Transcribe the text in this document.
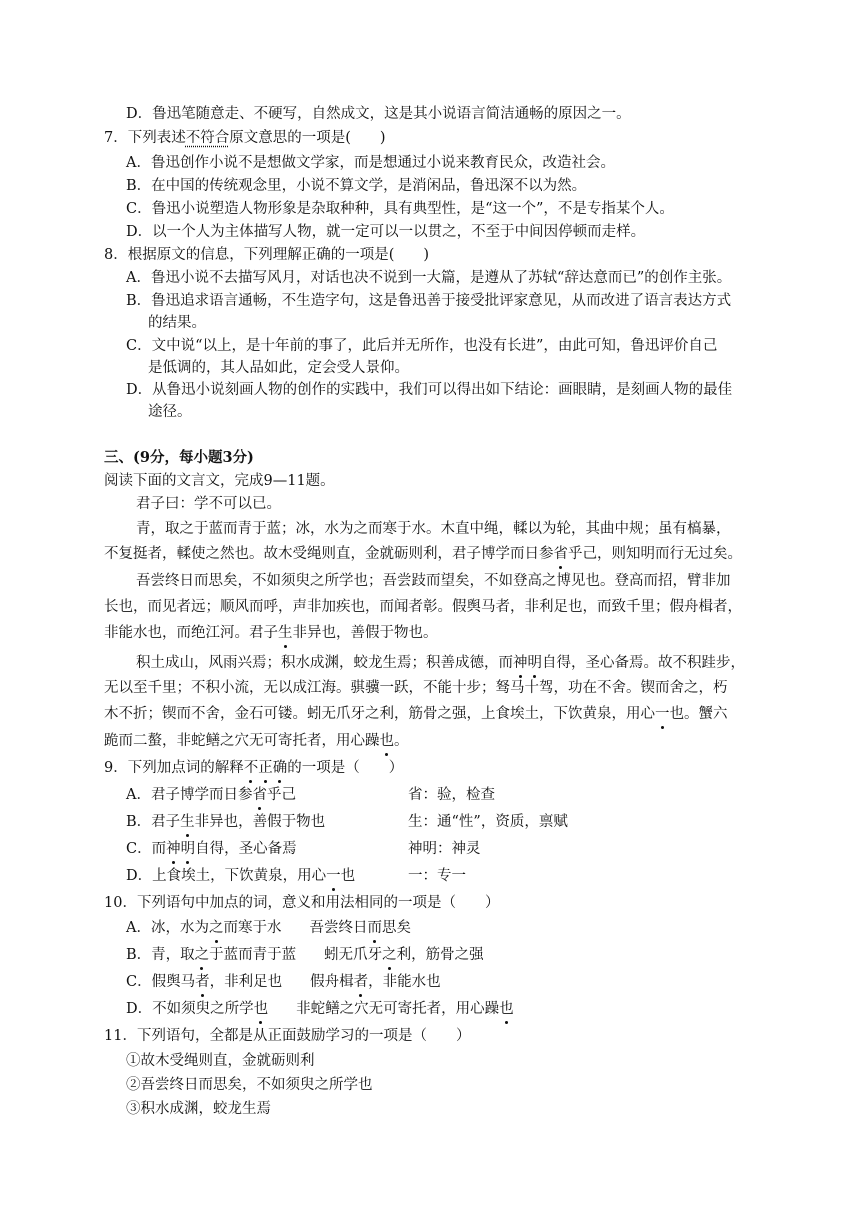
D．鲁迅笔随意走、不硬写，自然成文，这是其小说语言简洁通畅的原因之一。
7．下列表述不符合原文意思的一项是(　　)
A．鲁迅创作小说不是想做文学家，而是想通过小说来教育民众，改造社会。
B．在中国的传统观念里，小说不算文学，是消闲品，鲁迅深不以为然。
C．鲁迅小说塑造人物形象是杂取种种，具有典型性，是“这一个”，不是专指某个人。
D．以一个人为主体描写人物，就一定可以一以贯之，不至于中间因停顿而走样。
8．根据原文的信息，下列理解正确的一项是(　　)
A．鲁迅小说不去描写风月，对话也决不说到一大篇，是遵从了苏轼“辞达意而已”的创作主张。
B．鲁迅追求语言通畅，不生造字句，这是鲁迅善于接受批评家意见，从而改进了语言表达方式
的结果。
C．文中说“以上，是十年前的事了，此后并无所作，也没有长进”，由此可知，鲁迅评价自己
是低调的，其人品如此，定会受人景仰。
D．从鲁迅小说刻画人物的创作的实践中，我们可以得出如下结论：画眼睛，是刻画人物的最佳
途径。
三、(9分，每小题3分)
阅读下面的文言文，完成9—11题。
君子曰：学不可以已。
青，取之于蓝而青于蓝；冰，水为之而寒于水。木直中绳，輮以为轮，其曲中规；虽有槁暴，
不复挺者，輮使之然也。故木受绳则直，金就砺则利，君子博学而日参省乎己，则知明而行无过矣。
吾尝终日而思矣，不如须臾之所学也；吾尝跂而望矣，不如登高之博见也。登高而招，臂非加
长也，而见者远；顺风而呼，声非加疾也，而闻者彰。假舆马者，非利足也，而致千里；假舟楫者，
非能水也，而绝江河。君子生非异也，善假于物也。
积土成山，风雨兴焉；积水成渊，蛟龙生焉；积善成德，而神明自得，圣心备焉。故不积跬步，
无以至千里；不积小流，无以成江海。骐骥一跃，不能十步；驽马十驾，功在不舍。锲而舍之，朽
木不折；锲而不舍，金石可镂。蚓无爪牙之利，筋骨之强，上食埃土，下饮黄泉，用心一也。蟹六
跪而二螯，非蛇鳝之穴无可寄托者，用心躁也。
9．下列加点词的解释不正确的一项是（　　）
A．君子博学而日参省乎己	省：验，检查
B．君子生非异也，善假于物也	生：通“性”，资质，禀赋
C．而神明自得，圣心备焉	神明：神灵
D．上食埃土，下饮黄泉，用心一也	一：专一
10．下列语句中加点的词，意义和用法相同的一项是（　　）
A．冰，水为之而寒于水 吾尝终日而思矣
B．青，取之于蓝而青于蓝 蚓无爪牙之利，筋骨之强
C．假舆马者，非利足也 假舟楫者，非能水也
D．不如须臾之所学也 非蛇鳝之穴无可寄托者，用心躁也
11．下列语句，全都是从正面鼓励学习的一项是（　　）
①故木受绳则直，金就砺则利
②吾尝终日而思矣，不如须臾之所学也
③积水成渊，蛟龙生焉
